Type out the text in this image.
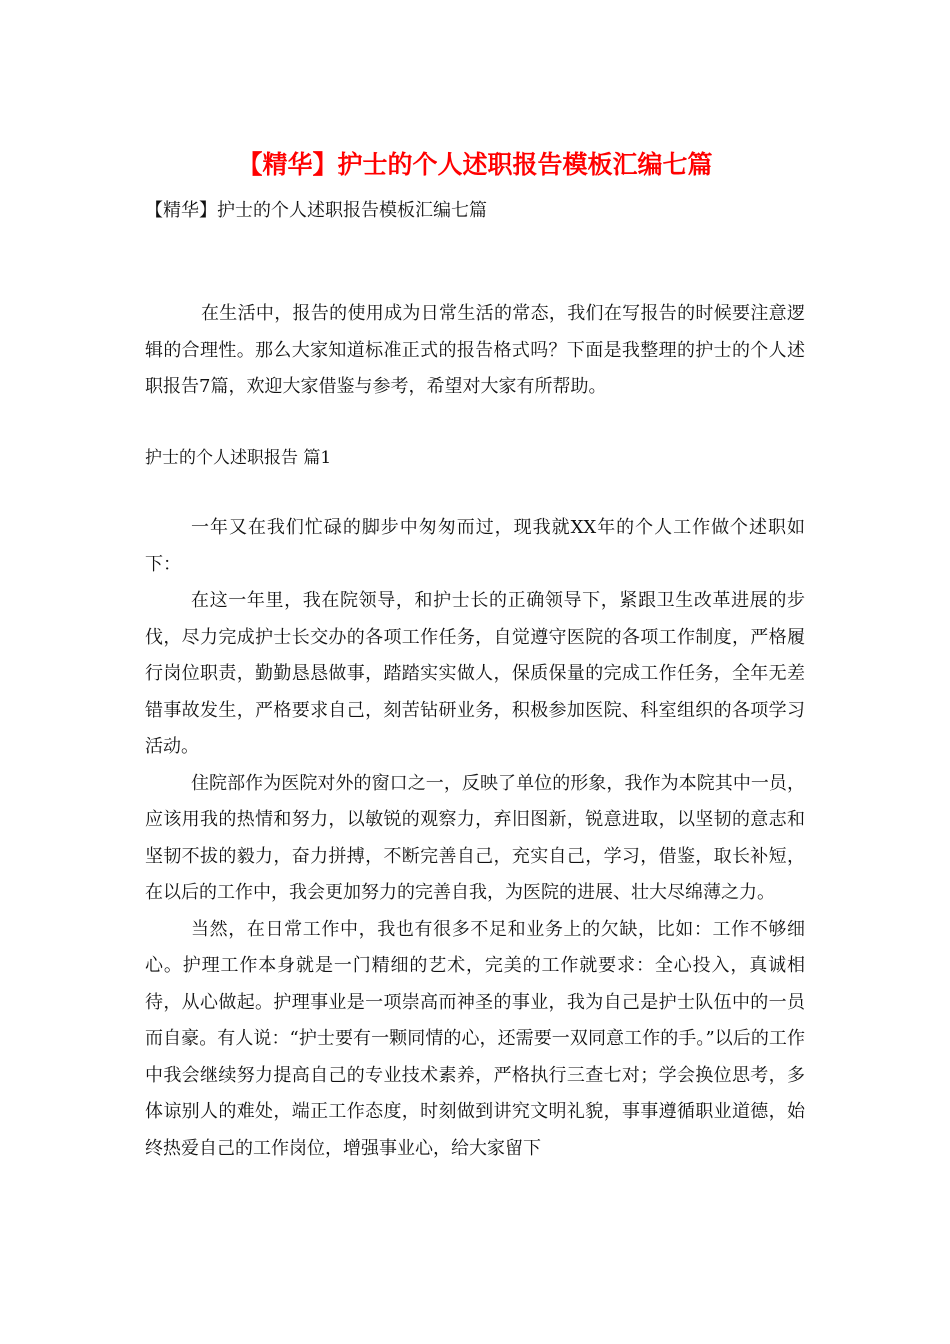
【精华】护士的个人述职报告模板汇编七篇

【精华】护士的个人述职报告模板汇编七篇

在生活中，报告的使用成为日常生活的常态，我们在写报告的时候要注意逻辑的合理性。那么大家知道标准正式的报告格式吗？下面是我整理的护士的个人述职报告7篇，欢迎大家借鉴与参考，希望对大家有所帮助。

护士的个人述职报告 篇1

一年又在我们忙碌的脚步中匆匆而过，现我就XX年的个人工作做个述职如下：

在这一年里，我在院领导，和护士长的正确领导下，紧跟卫生改革进展的步伐，尽力完成护士长交办的各项工作任务，自觉遵守医院的各项工作制度，严格履行岗位职责，勤勤恳恳做事，踏踏实实做人，保质保量的完成工作任务，全年无差错事故发生，严格要求自己，刻苦钻研业务，积极参加医院、科室组织的各项学习活动。

住院部作为医院对外的窗口之一，反映了单位的形象，我作为本院其中一员，应该用我的热情和努力，以敏锐的观察力，弃旧图新，锐意进取，以坚韧的意志和坚韧不拔的毅力，奋力拼搏，不断完善自己，充实自己，学习，借鉴，取长补短，在以后的工作中，我会更加努力的完善自我，为医院的进展、壮大尽绵薄之力。

当然，在日常工作中，我也有很多不足和业务上的欠缺，比如：工作不够细心。护理工作本身就是一门精细的艺术，完美的工作就要求：全心投入，真诚相待，从心做起。护理事业是一项崇高而神圣的事业，我为自己是护士队伍中的一员而自豪。有人说：“护士要有一颗同情的心，还需要一双同意工作的手。”以后的工作中我会继续努力提高自己的专业技术素养，严格执行三查七对；学会换位思考，多体谅别人的难处，端正工作态度，时刻做到讲究文明礼貌，事事遵循职业道德，始终热爱自己的工作岗位，增强事业心，给大家留下
